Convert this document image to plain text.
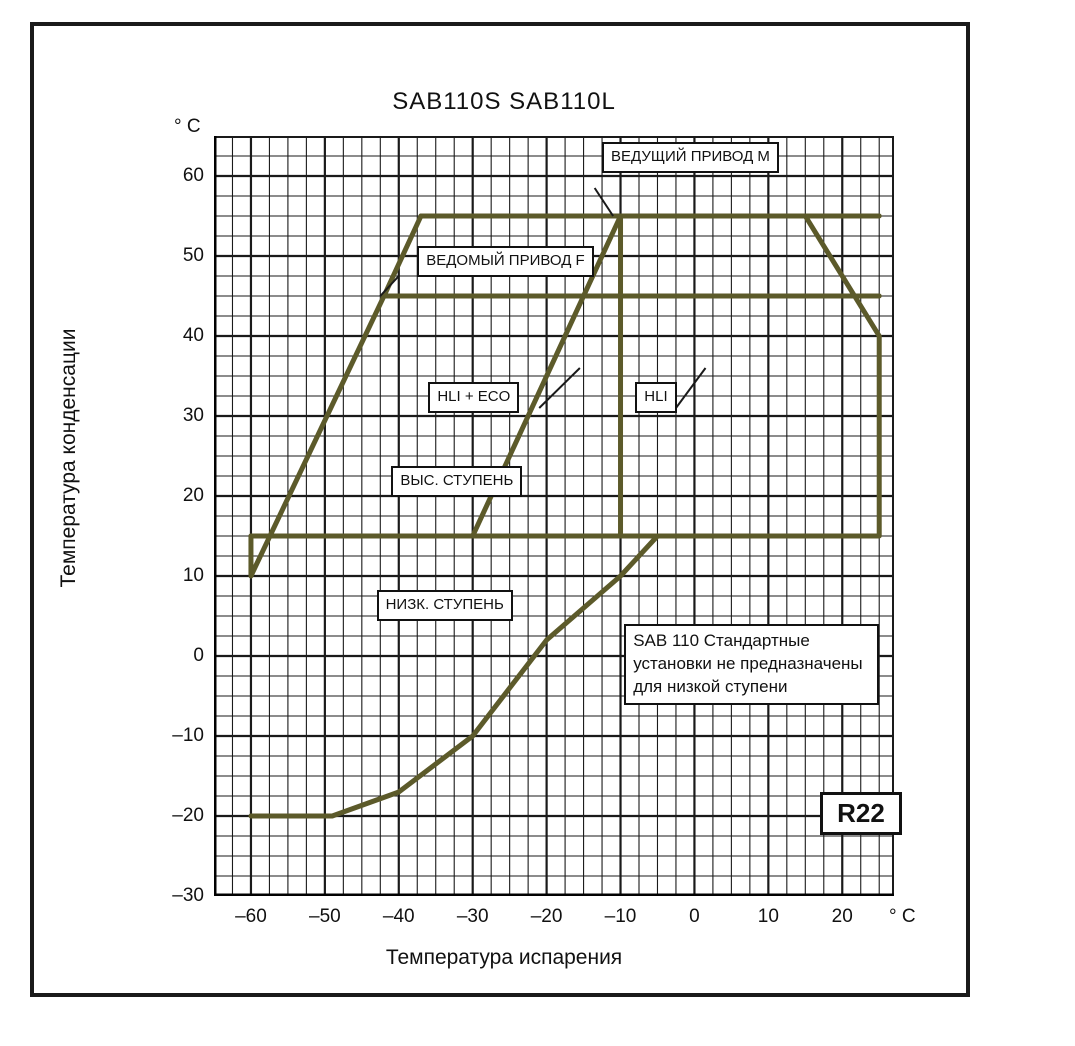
SAB110S SAB110L
° C
° C
Температура конденсации
Температура испарения
–30
–20
–10
0
10
20
30
40
50
60
–60	–50	–40	–30	–20	–10	0	10	20
ВЕДУЩИЙ ПРИВОД М
ВЕДОМЫЙ ПРИВОД F
HLI + ECO	HLI
ВЫС. СТУПЕНЬ
НИЗК. СТУПЕНЬ
SAB 110 Стандартные установки не предназначены для низкой ступени
R22
